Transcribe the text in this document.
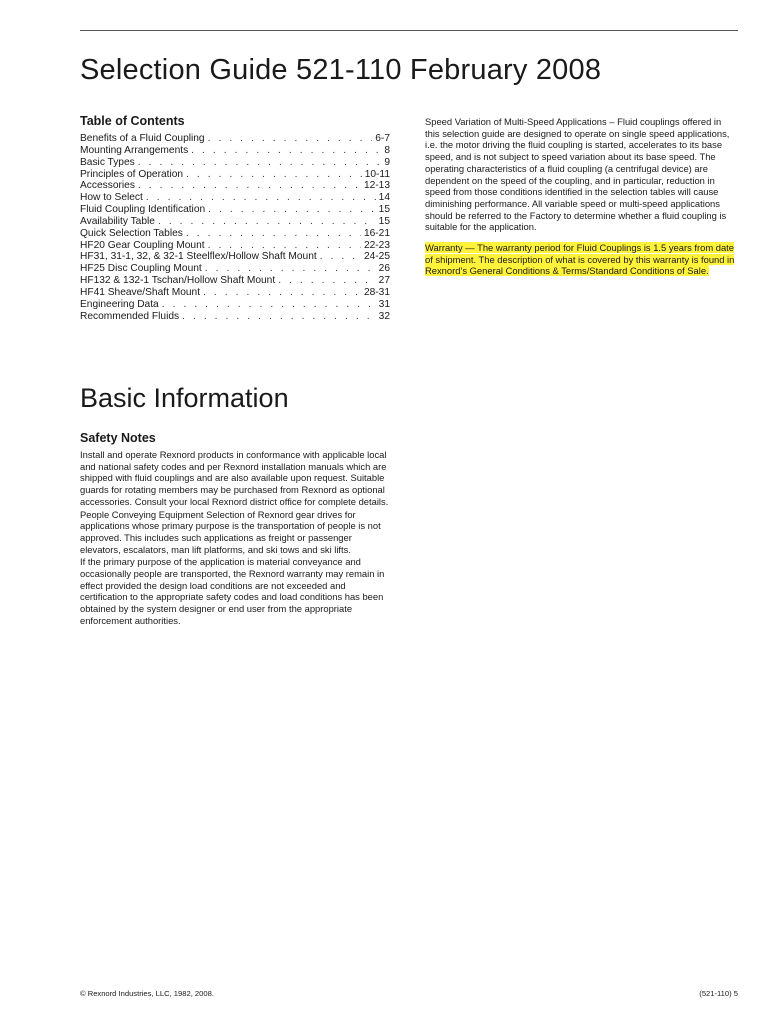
Selection Guide 521-110 February 2008
Table of Contents
Benefits of a Fluid Coupling . . .	6-7
Mounting Arrangements . . .	8
Basic Types . . .	9
Principles of Operation . . .	10-11
Accessories . . .	12-13
How to Select . . .	14
Fluid Coupling Identification . . .	15
Availability Table . . .	15
Quick Selection Tables . . .	16-21
HF20 Gear Coupling Mount . . .	22-23
HF31, 31-1, 32, & 32-1 Steelflex/Hollow Shaft Mount . . .	24-25
HF25 Disc Coupling Mount . . .	26
HF132 & 132-1 Tschan/Hollow Shaft Mount . . .	27
HF41 Sheave/Shaft Mount . . .	28-31
Engineering Data . . .	31
Recommended Fluids . . .	32
Basic Information
Safety Notes

Install and operate Rexnord products in conformance with applicable local and national safety codes and per Rexnord installation manuals which are shipped with fluid couplings and are also available upon request. Suitable guards for rotating members may be purchased from Rexnord as optional accessories. Consult your local Rexnord district office for complete details.

People Conveying Equipment Selection of Rexnord gear drives for applications whose primary purpose is the transportation of people is not approved. This includes such applications as freight or passenger elevators, escalators, man lift platforms, and ski tows and ski lifts.

If the primary purpose of the application is material conveyance and occasionally people are transported, the Rexnord warranty may remain in effect provided the design load conditions are not exceeded and certification to the appropriate safety codes and load conditions has been obtained by the system designer or end user from the appropriate enforcement authorities.

Speed Variation of Multi-Speed Applications – Fluid couplings offered in this selection guide are designed to operate on single speed applications, i.e. the motor driving the fluid coupling is started, accelerates to its base speed, and is not subject to speed variation about its base speed. The operating characteristics of a fluid coupling (a centrifugal device) are dependent on the speed of the coupling, and in particular, reduction in speed from those conditions identified in the selection tables will cause diminishing performance. All variable speed or multi-speed applications should be referred to the Factory to determine whether a fluid coupling is suitable for the application.

Warranty — The warranty period for Fluid Couplings is 1.5 years from date of shipment. The description of what is covered by this warranty is found in Rexnord’s General Conditions & Terms/Standard Conditions of Sale.

© Rexnord Industries, LLC, 1982, 2008.	(521-110) 5
